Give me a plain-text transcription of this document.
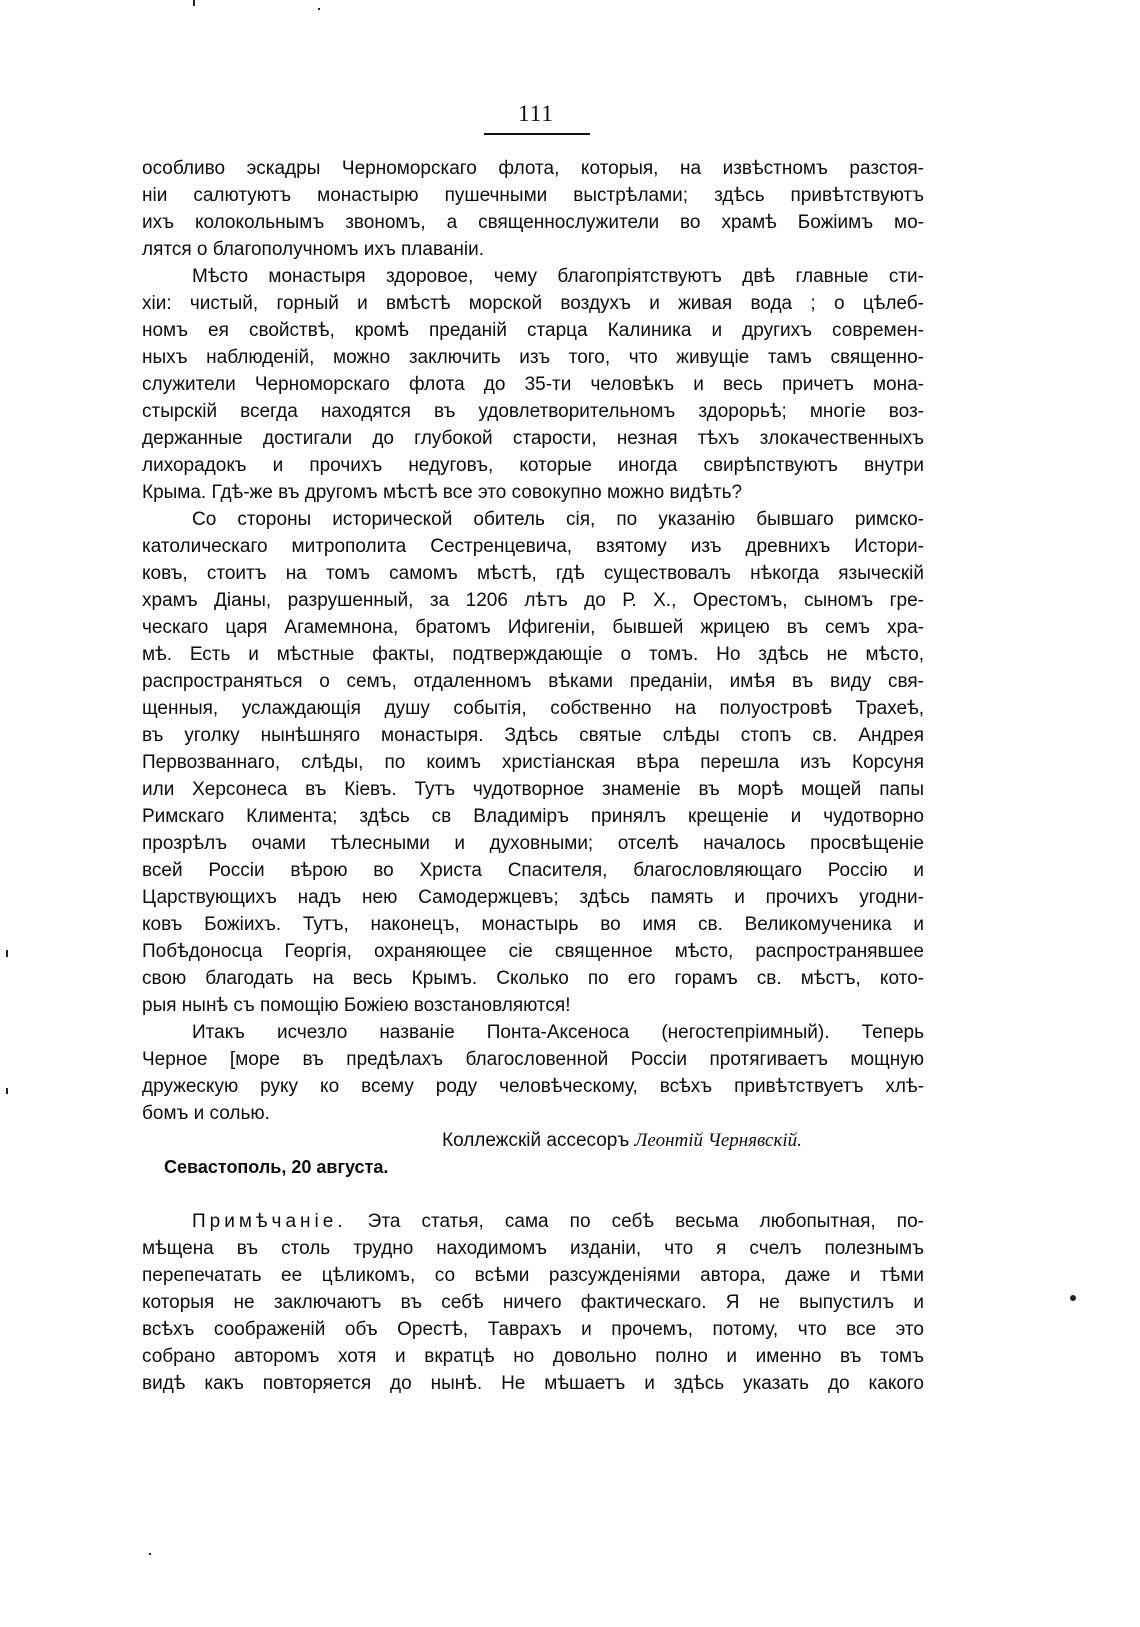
111
особливо эскадры Черноморскаго флота, которыя, на извѣстномъ разстоя-
нiи салютуютъ монастырю пушечными выстрѣлами; здѣсь привѣтствуютъ
ихъ колокольнымъ звономъ, а священнослужители во храмѣ Божiимъ мо-
лятся о благополучномъ ихъ плаванiи.
Мѣсто монастыря здоровое, чему благопрiятствуютъ двѣ главные сти-
хiи: чистый, горный и вмѣстѣ морской воздухъ и живая вода ; о цѣлеб-
номъ ея свойствѣ, кромѣ преданiй старца Калиника и другихъ современ-
ныхъ наблюденiй, можно заключить изъ того, что живущiе тамъ священно-
служители Черноморскаго флота до 35-ти человѣкъ и весь причетъ мона-
стырскiй всегда находятся въ удовлетворительномъ здорорьѣ; многiе воз-
держанные достигали до глубокой старости, незная тѣхъ злокачественныхъ
лихорадокъ и прочихъ недуговъ, которые иногда свирѣпствуютъ внутри
Крыма. Гдѣ-же въ другомъ мѣстѣ все это совокупно можно видѣть?
Со стороны исторической обитель сiя, по указанiю бывшаго римско-
католическаго митрополита Сестренцевича, взятому изъ древнихъ Истори-
ковъ, стоитъ на томъ самомъ мѣстѣ, гдѣ существовалъ нѣкогда языческiй
храмъ Дiаны, разрушенный, за 1206 лѣтъ до Р. Х., Орестомъ, сыномъ гре-
ческаго царя Агамемнона, братомъ Ифигенiи, бывшей жрицею въ семъ хра-
мѣ. Есть и мѣстные факты, подтверждающiе о томъ. Но здѣсь не мѣсто,
распространяться о семъ, отдаленномъ вѣками преданiи, имѣя въ виду свя-
щенныя, услаждающiя душу событiя, собственно на полуостровѣ Трахеѣ,
въ уголку нынѣшняго монастыря. Здѣсь святые слѣды стопъ св. Андрея
Первозваннаго, слѣды, по коимъ христiанская вѣра перешла изъ Корсуня
или Херсонеса въ Кiевъ. Тутъ чудотворное знаменiе въ морѣ мощей папы
Римскаго Климента; здѣсь св Владимiръ принялъ крещенiе и чудотворно
прозрѣлъ очами тѣлесными и духовными; отселѣ началось просвѣщенiе
всей Россiи вѣрою во Христа Спасителя, благословляющаго Россiю и
Царствующихъ надъ нею Самодержцевъ; здѣсь память и прочихъ угодни-
ковъ Божiихъ. Тутъ, наконецъ, монастырь во имя св. Великомученика и
Побѣдоносца Георгiя, охраняющее сiе священное мѣсто, распространявшее
свою благодать на весь Крымъ. Сколько по его горамъ св. мѣстъ, кото-
рыя нынѣ съ помощiю Божiею возстановляются!
Итакъ исчезло названiе Понта-Аксеноса (негостепрiимный). Теперь
Черное [море въ предѣлахъ благословенной Россiи протягиваетъ мощную
дружескую руку ко всему роду человѣческому, всѣхъ привѣтствуетъ хлѣ-
бомъ и солью.
Коллежскiй ассесоръ Леонтiй Чернявскiй.
Севастополь, 20 августа.
Примѣчанiе. Эта статья, сама по себѣ весьма любопытная, по-
мѣщена въ столь трудно находимомъ изданiи, что я счелъ полезнымъ
перепечатать ее цѣликомъ, со всѣми разсужденiями автора, даже и тѣми
которыя не заключаютъ въ себѣ ничего фактическаго. Я не выпустилъ и
всѣхъ соображенiй объ Орестѣ, Таврахъ и прочемъ, потому, что все это
собрано авторомъ хотя и вкратцѣ но довольно полно и именно въ томъ
видѣ какъ повторяется до нынѣ. Не мѣшаетъ и здѣсь указать до какого
